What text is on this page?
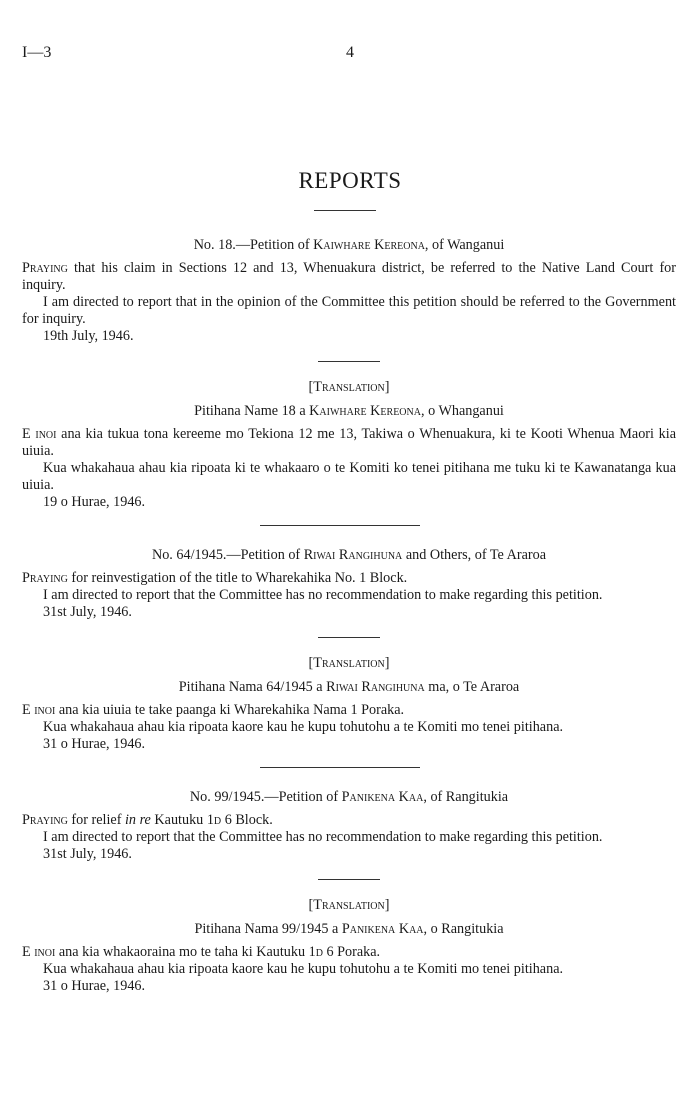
I—3	4
REPORTS

No. 18.—Petition of Kaiwhare Kereona, of Wanganui

Praying that his claim in Sections 12 and 13, Whenuakura district, be referred to the Native Land Court for inquiry.

I am directed to report that in the opinion of the Committee this petition should be referred to the Government for inquiry.

19th July, 1946.

[Translation]

Pitihana Name 18 a Kaiwhare Kereona, o Whanganui

E inoi ana kia tukua tona kereeme mo Tekiona 12 me 13, Takiwa o Whenuakura, ki te Kooti Whenua Maori kia uiuia.

Kua whakahaua ahau kia ripoata ki te whakaaro o te Komiti ko tenei pitihana me tuku ki te Kawanatanga kua uiuia.

19 o Hurae, 1946.

No. 64/1945.—Petition of Riwai Rangihuna and Others, of Te Araroa

Praying for reinvestigation of the title to Wharekahika No. 1 Block.

I am directed to report that the Committee has no recommendation to make regarding this petition.

31st July, 1946.

[Translation]

Pitihana Nama 64/1945 a Riwai Rangihuna ma, o Te Araroa

E inoi ana kia uiuia te take paanga ki Wharekahika Nama 1 Poraka.

Kua whakahaua ahau kia ripoata kaore kau he kupu tohutohu a te Komiti mo tenei pitihana.

31 o Hurae, 1946.

No. 99/1945.—Petition of Panikena Kaa, of Rangitukia

Praying for relief in re Kautuku 1d 6 Block.

I am directed to report that the Committee has no recommendation to make regarding this petition.

31st July, 1946.

[Translation]

Pitihana Nama 99/1945 a Panikena Kaa, o Rangitukia

E inoi ana kia whakaoraina mo te taha ki Kautuku 1d 6 Poraka.

Kua whakahaua ahau kia ripoata kaore kau he kupu tohutohu a te Komiti mo tenei pitihana.

31 o Hurae, 1946.
